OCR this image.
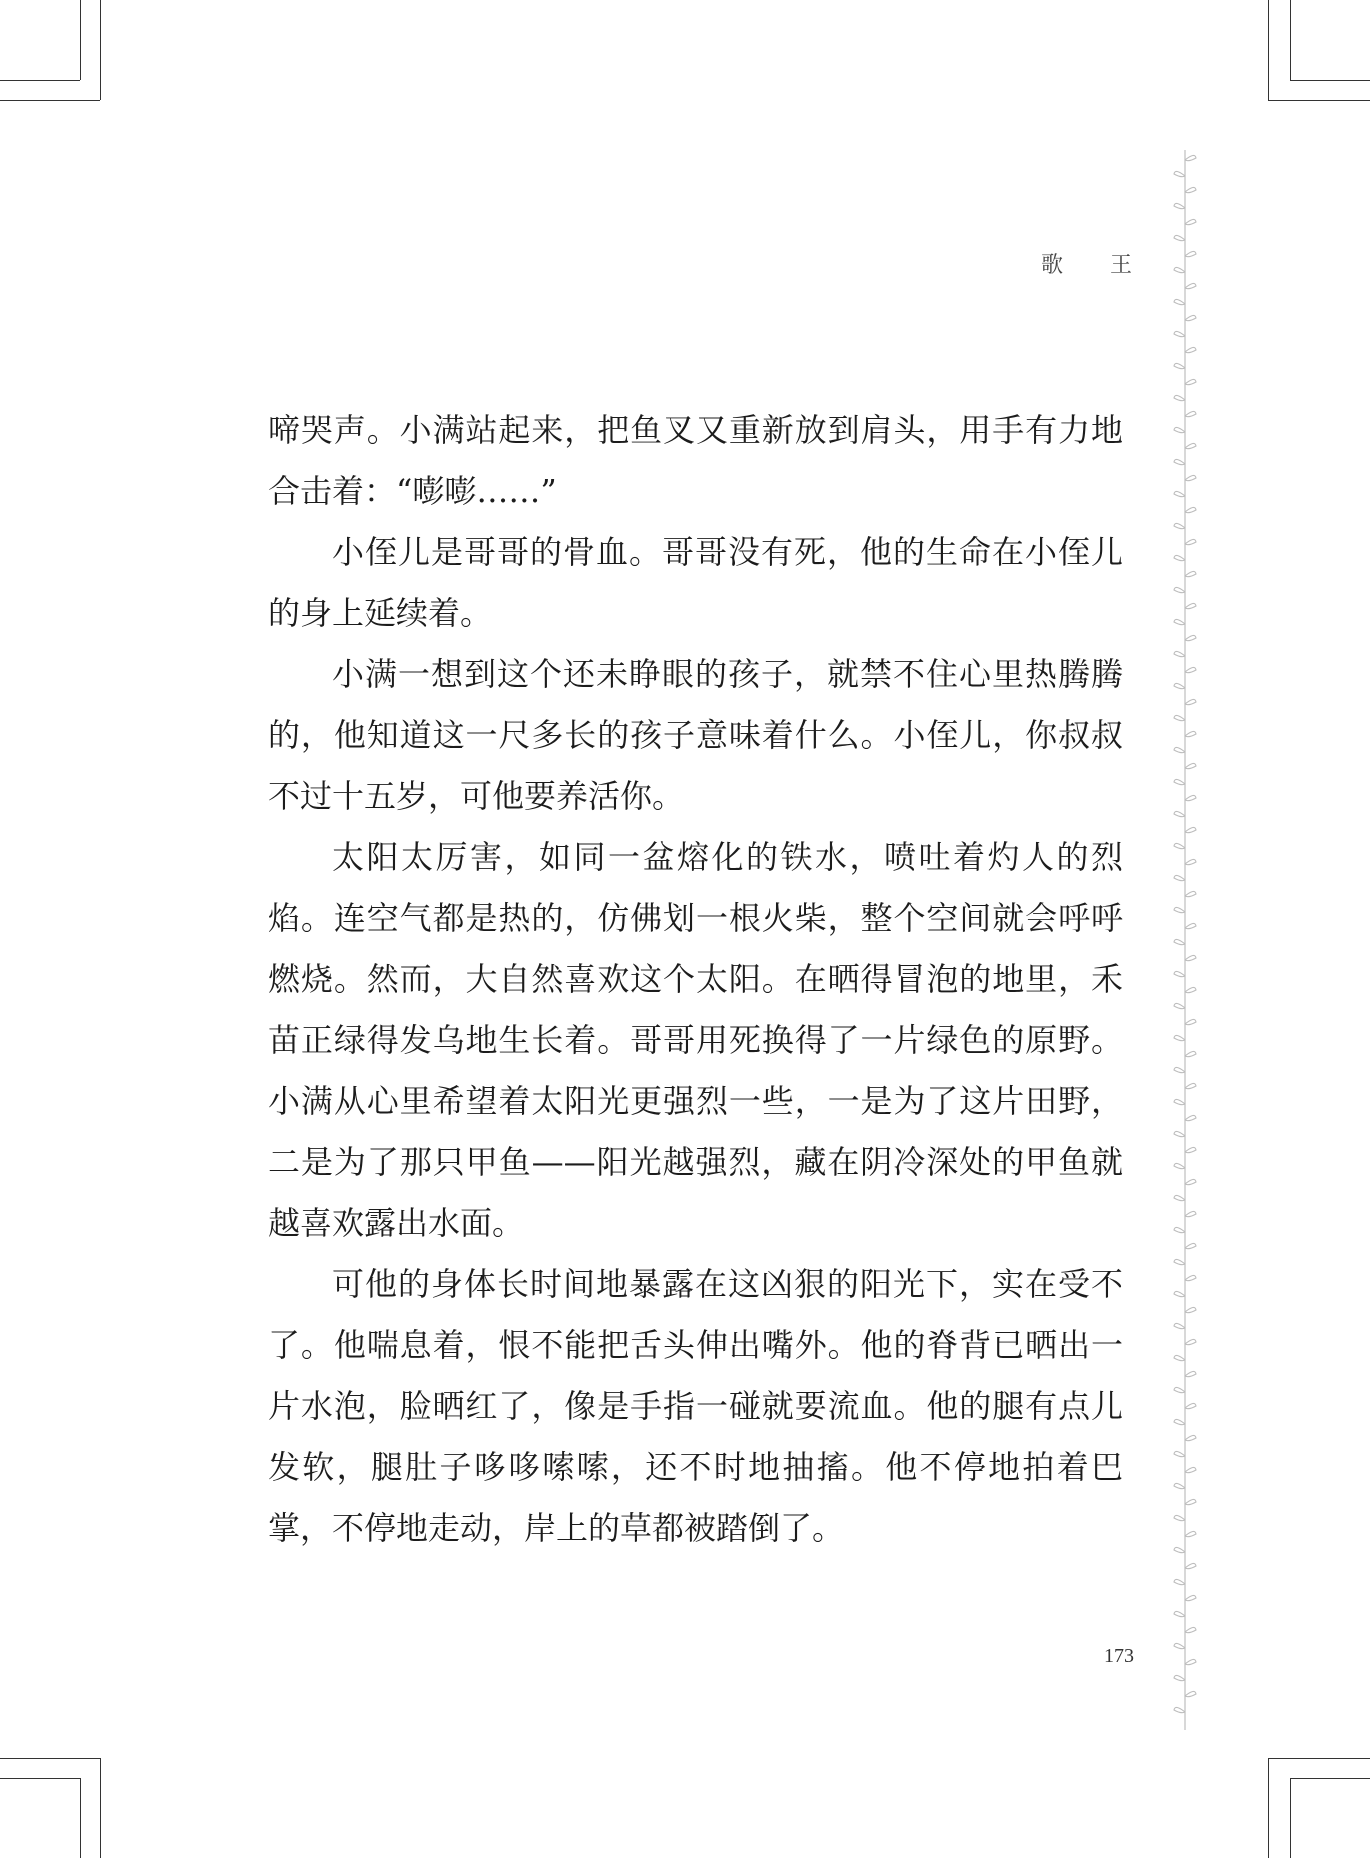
歌 王

啼哭声。小满站起来，把鱼叉又重新放到肩头，用手有力地合击着：“嘭嘭……”

小侄儿是哥哥的骨血。哥哥没有死，他的生命在小侄儿的身上延续着。

小满一想到这个还未睁眼的孩子，就禁不住心里热腾腾的，他知道这一尺多长的孩子意味着什么。小侄儿，你叔叔不过十五岁，可他要养活你。

太阳太厉害，如同一盆熔化的铁水，喷吐着灼人的烈焰。连空气都是热的，仿佛划一根火柴，整个空间就会呼呼燃烧。然而，大自然喜欢这个太阳。在晒得冒泡的地里，禾苗正绿得发乌地生长着。哥哥用死换得了一片绿色的原野。小满从心里希望着太阳光更强烈一些，一是为了这片田野，二是为了那只甲鱼——阳光越强烈，藏在阴冷深处的甲鱼就越喜欢露出水面。

可他的身体长时间地暴露在这凶狠的阳光下，实在受不了。他喘息着，恨不能把舌头伸出嘴外。他的脊背已晒出一片水泡，脸晒红了，像是手指一碰就要流血。他的腿有点儿发软，腿肚子哆哆嗦嗦，还不时地抽搐。他不停地拍着巴掌，不停地走动，岸上的草都被踏倒了。

173
